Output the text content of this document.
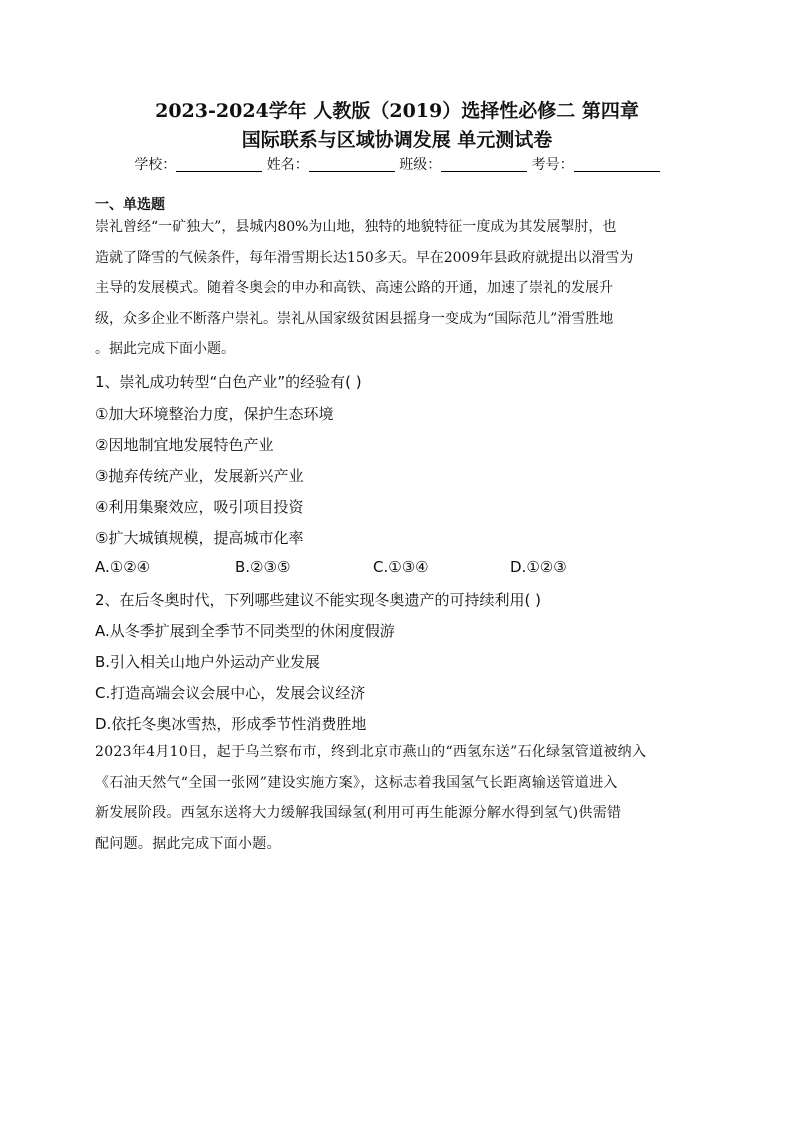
2023-2024学年 人教版（2019）选择性必修二 第四章
国际联系与区域协调发展 单元测试卷
学校：	姓名：	班级：	考号：
一、单选题
崇礼曾经“一矿独大”，县城内80%为山地，独特的地貌特征一度成为其发展掣肘，也
造就了降雪的气候条件，每年滑雪期长达150多天。早在2009年县政府就提出以滑雪为
主导的发展模式。随着冬奥会的申办和高铁、高速公路的开通，加速了崇礼的发展升
级，众多企业不断落户崇礼。崇礼从国家级贫困县摇身一变成为“国际范儿”滑雪胜地
。据此完成下面小题。
1、崇礼成功转型“白色产业”的经验有( )
①加大环境整治力度，保护生态环境
②因地制宜地发展特色产业
③抛弃传统产业，发展新兴产业
④利用集聚效应，吸引项目投资
⑤扩大城镇规模，提高城市化率
A.①②④	B.②③⑤	C.①③④	D.①②③
2、在后冬奥时代，下列哪些建议不能实现冬奥遗产的可持续利用( )
A.从冬季扩展到全季节不同类型的休闲度假游
B.引入相关山地户外运动产业发展
C.打造高端会议会展中心，发展会议经济
D.依托冬奥冰雪热，形成季节性消费胜地
2023年4月10日，起于乌兰察布市，终到北京市燕山的“西氢东送”石化绿氢管道被纳入
《石油天然气“全国一张网”建设实施方案》，这标志着我国氢气长距离输送管道进入
新发展阶段。西氢东送将大力缓解我国绿氢(利用可再生能源分解水得到氢气)供需错
配问题。据此完成下面小题。
